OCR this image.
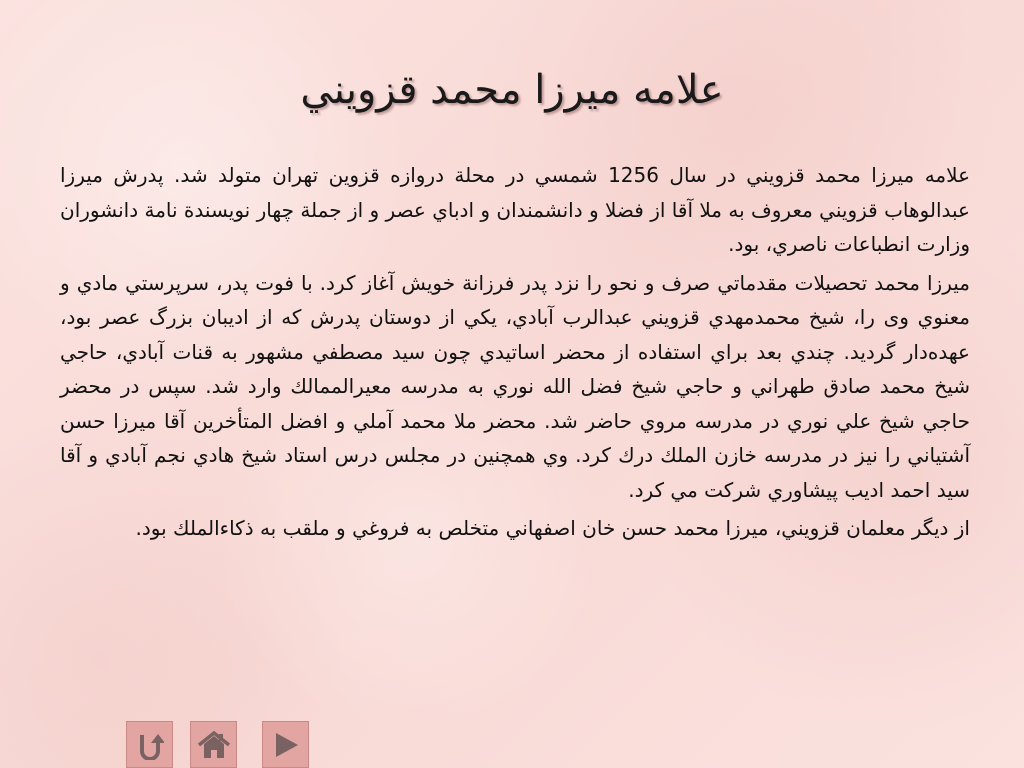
علامه ميرزا محمد قزويني

علامه ميرزا محمد قزويني در سال 1256 شمسي در محلة دروازه قزوين تهران متولد شد. پدرش ميرزا عبدالوهاب قزويني معروف به ملا آقا از فضلا و دانشمندان و ادباي عصر و از جملة چهار نويسندة نامة دانشوران وزارت انطباعات ناصري، بود.

ميرزا محمد تحصيلات مقدماتي صرف و نحو را نزد پدر فرزانة خويش آغاز كرد. با فوت پدر، سرپرستي مادي و معنوي وى را، شيخ محمدمهدي قزويني عبدالرب آبادي، يكي از دوستان پدرش كه از اديبان بزرگ عصر بود، عهده‌دار گرديد. چندي بعد براي استفاده از محضر اساتيدي چون سيد مصطفي مشهور به قنات آبادي، حاجي شيخ محمد صادق طهراني و حاجي شيخ فضل الله نوري به مدرسه معيرالممالك وارد شد. سپس در محضر حاجي شيخ علي نوري در مدرسه مروي حاضر شد. محضر ملا محمد آملي و افضل المتأخرين آقا ميرزا حسن آشتياني را نيز در مدرسه خازن الملك درك كرد. وي همچنين در مجلس درس استاد شيخ هادي نجم آبادي و آقا سيد احمد اديب پيشاوري شركت مي كرد.

از ديگر معلمان قزويني، ميرزا محمد حسن خان اصفهاني متخلص به فروغي و ملقب به ذكاءالملك بود.
